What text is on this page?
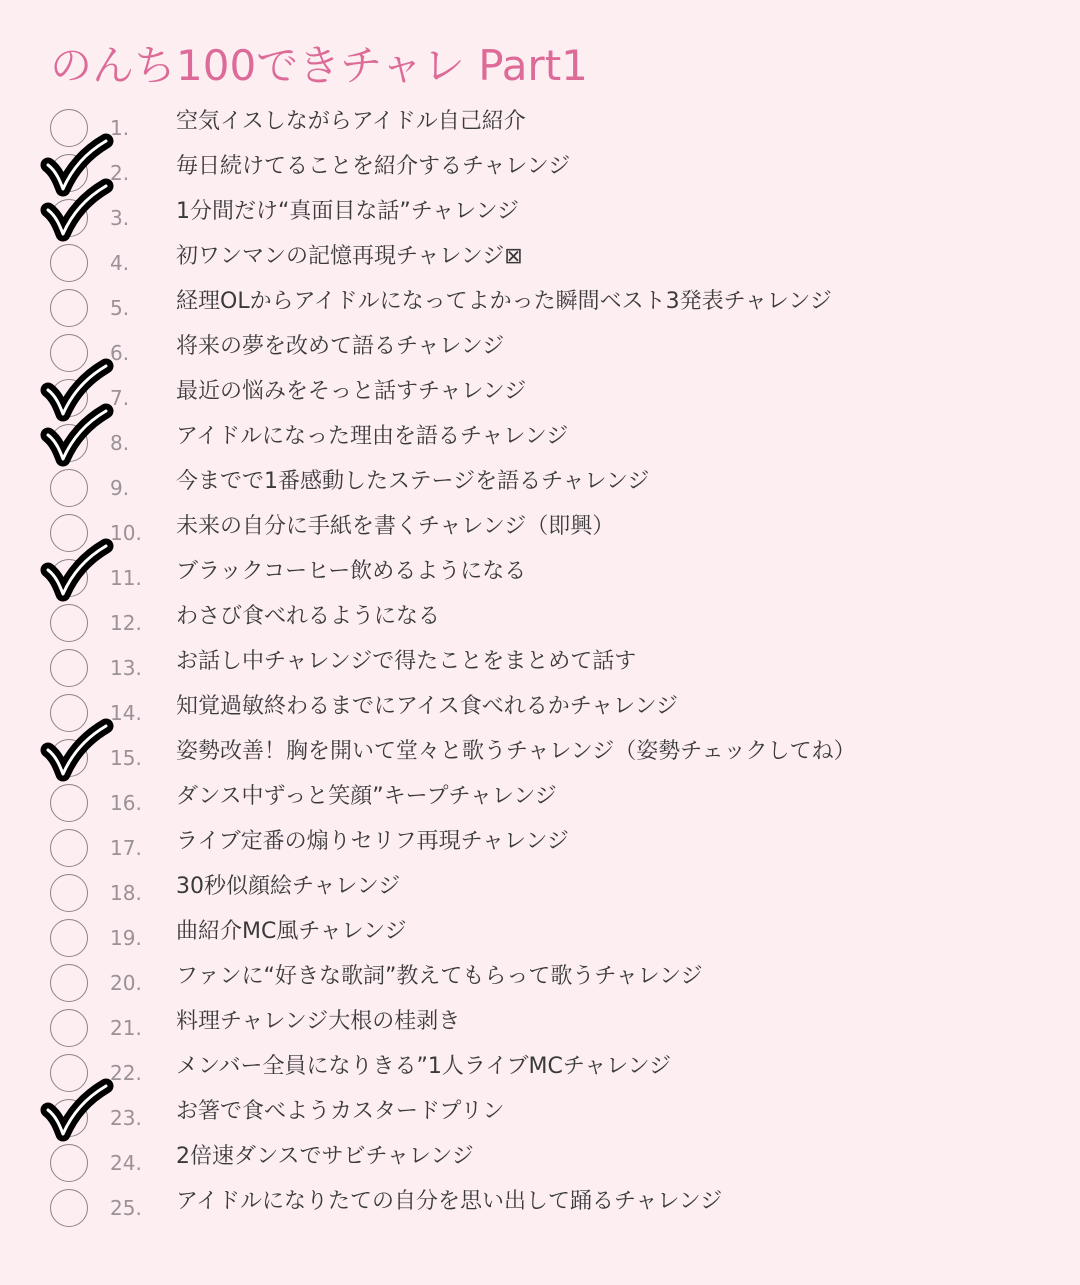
のんち100できチャレ Part1
1. 空気イスしながらアイドル自己紹介
2. 毎日続けてることを紹介するチャレンジ
3. 1分間だけ“真面目な話”チャレンジ
4. 初ワンマンの記憶再現チャレンジ⊠
5. 経理OLからアイドルになってよかった瞬間ベスト3発表チャレンジ
6. 将来の夢を改めて語るチャレンジ
7. 最近の悩みをそっと話すチャレンジ
8. アイドルになった理由を語るチャレンジ
9. 今までで1番感動したステージを語るチャレンジ
10. 未来の自分に手紙を書くチャレンジ（即興）
11. ブラックコーヒー飲めるようになる
12. わさび食べれるようになる
13. お話し中チャレンジで得たことをまとめて話す
14. 知覚過敏終わるまでにアイス食べれるかチャレンジ
15. 姿勢改善！胸を開いて堂々と歌うチャレンジ（姿勢チェックしてね）
16. ダンス中ずっと笑顔”キープチャレンジ
17. ライブ定番の煽りセリフ再現チャレンジ
18. 30秒似顔絵チャレンジ
19. 曲紹介MC風チャレンジ
20. ファンに“好きな歌詞”教えてもらって歌うチャレンジ
21. 料理チャレンジ大根の桂剥き
22. メンバー全員になりきる”1人ライブMCチャレンジ
23. お箸で食べようカスタードプリン
24. 2倍速ダンスでサビチャレンジ
25. アイドルになりたての自分を思い出して踊るチャレンジ
